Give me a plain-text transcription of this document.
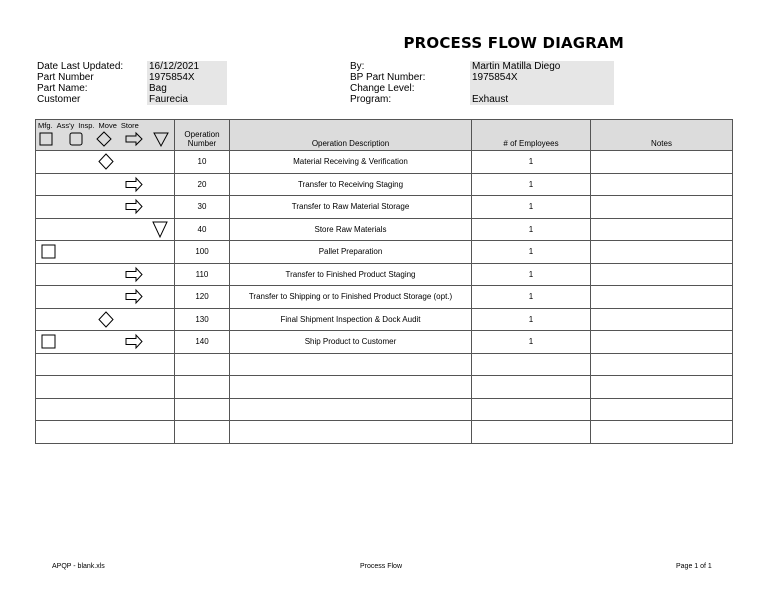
PROCESS FLOW DIAGRAM
Date Last Updated:	16/12/2021
Part Number	1975854X
Part Name:	Bag
Customer	Faurecia
By:	Martin Matilla Diego
BP Part Number:	1975854X
Change Level:
Program:	Exhaust
Mfg. Ass'y Insp. Move Store	Operation Number	Operation Description	# of Employees	Notes

	10	Material Receiving & Verification	1	

	20	Transfer to Receiving Staging	1	

	30	Transfer to Raw Material Storage	1	

	40	Store Raw Materials	1	

	100	Pallet Preparation	1	

	110	Transfer to Finished Product Staging	1	

	120	Transfer to Shipping or to Finished Product Storage (opt.)	1	

	130	Final Shipment Inspection & Dock Audit	1	

	140	Ship Product to Customer	1	

APQP - blank.xls	Process Flow	Page 1 of 1
